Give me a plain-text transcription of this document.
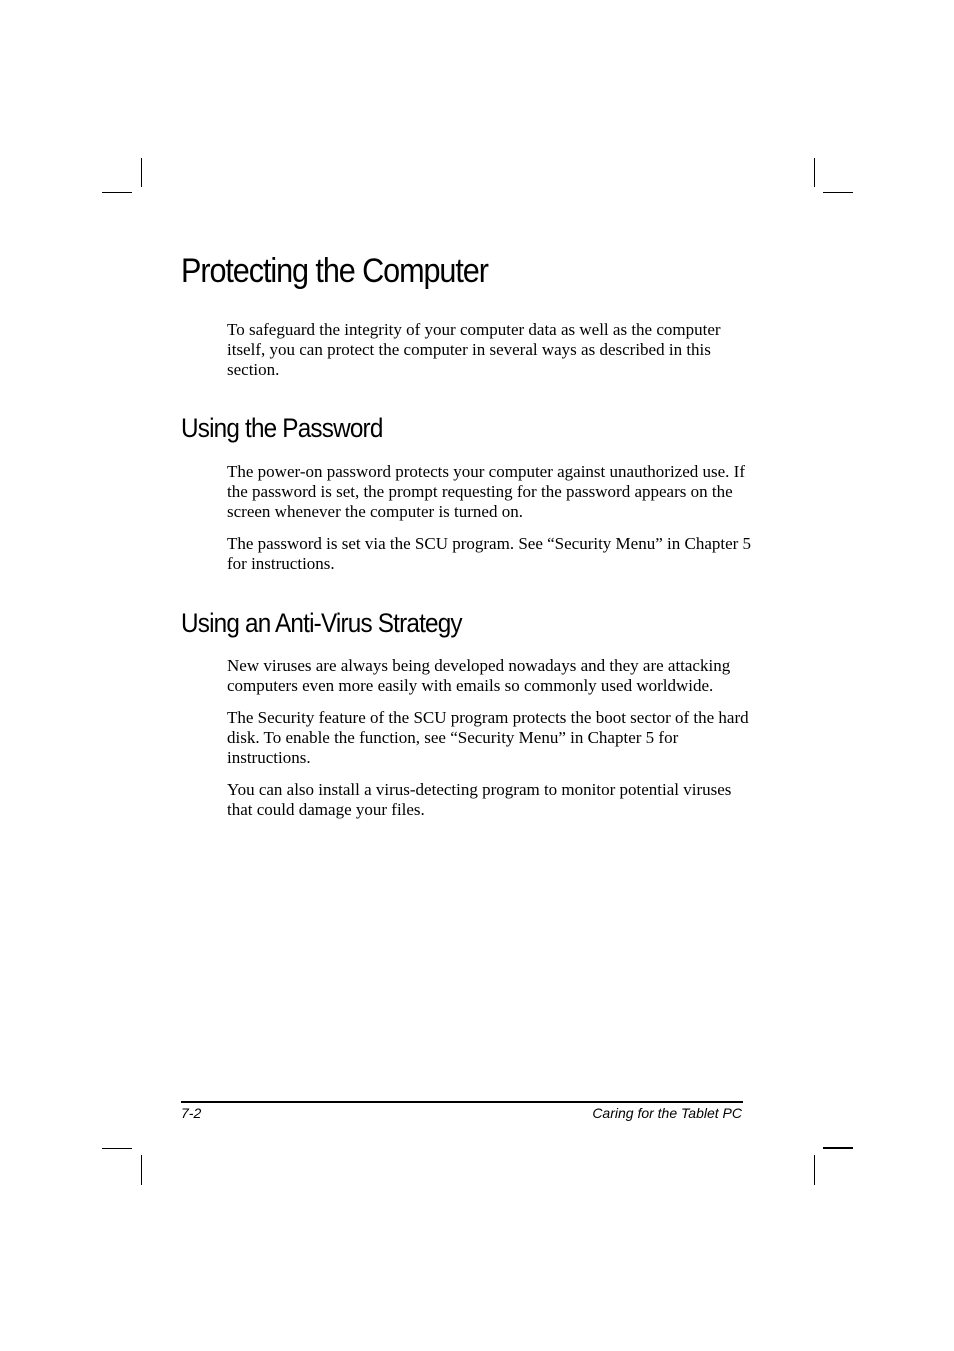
Protecting the Computer

To safeguard the integrity of your computer data as well as the computer itself, you can protect the computer in several ways as described in this section.

Using the Password

The power-on password protects your computer against unauthorized use. If the password is set, the prompt requesting for the password appears on the screen whenever the computer is turned on.

The password is set via the SCU program. See “Security Menu” in Chapter 5 for instructions.

Using an Anti-Virus Strategy

New viruses are always being developed nowadays and they are attacking computers even more easily with emails so commonly used worldwide.

The Security feature of the SCU program protects the boot sector of the hard disk. To enable the function, see “Security Menu” in Chapter 5 for instructions.

You can also install a virus-detecting program to monitor potential viruses that could damage your files.

7-2	Caring for the Tablet PC
